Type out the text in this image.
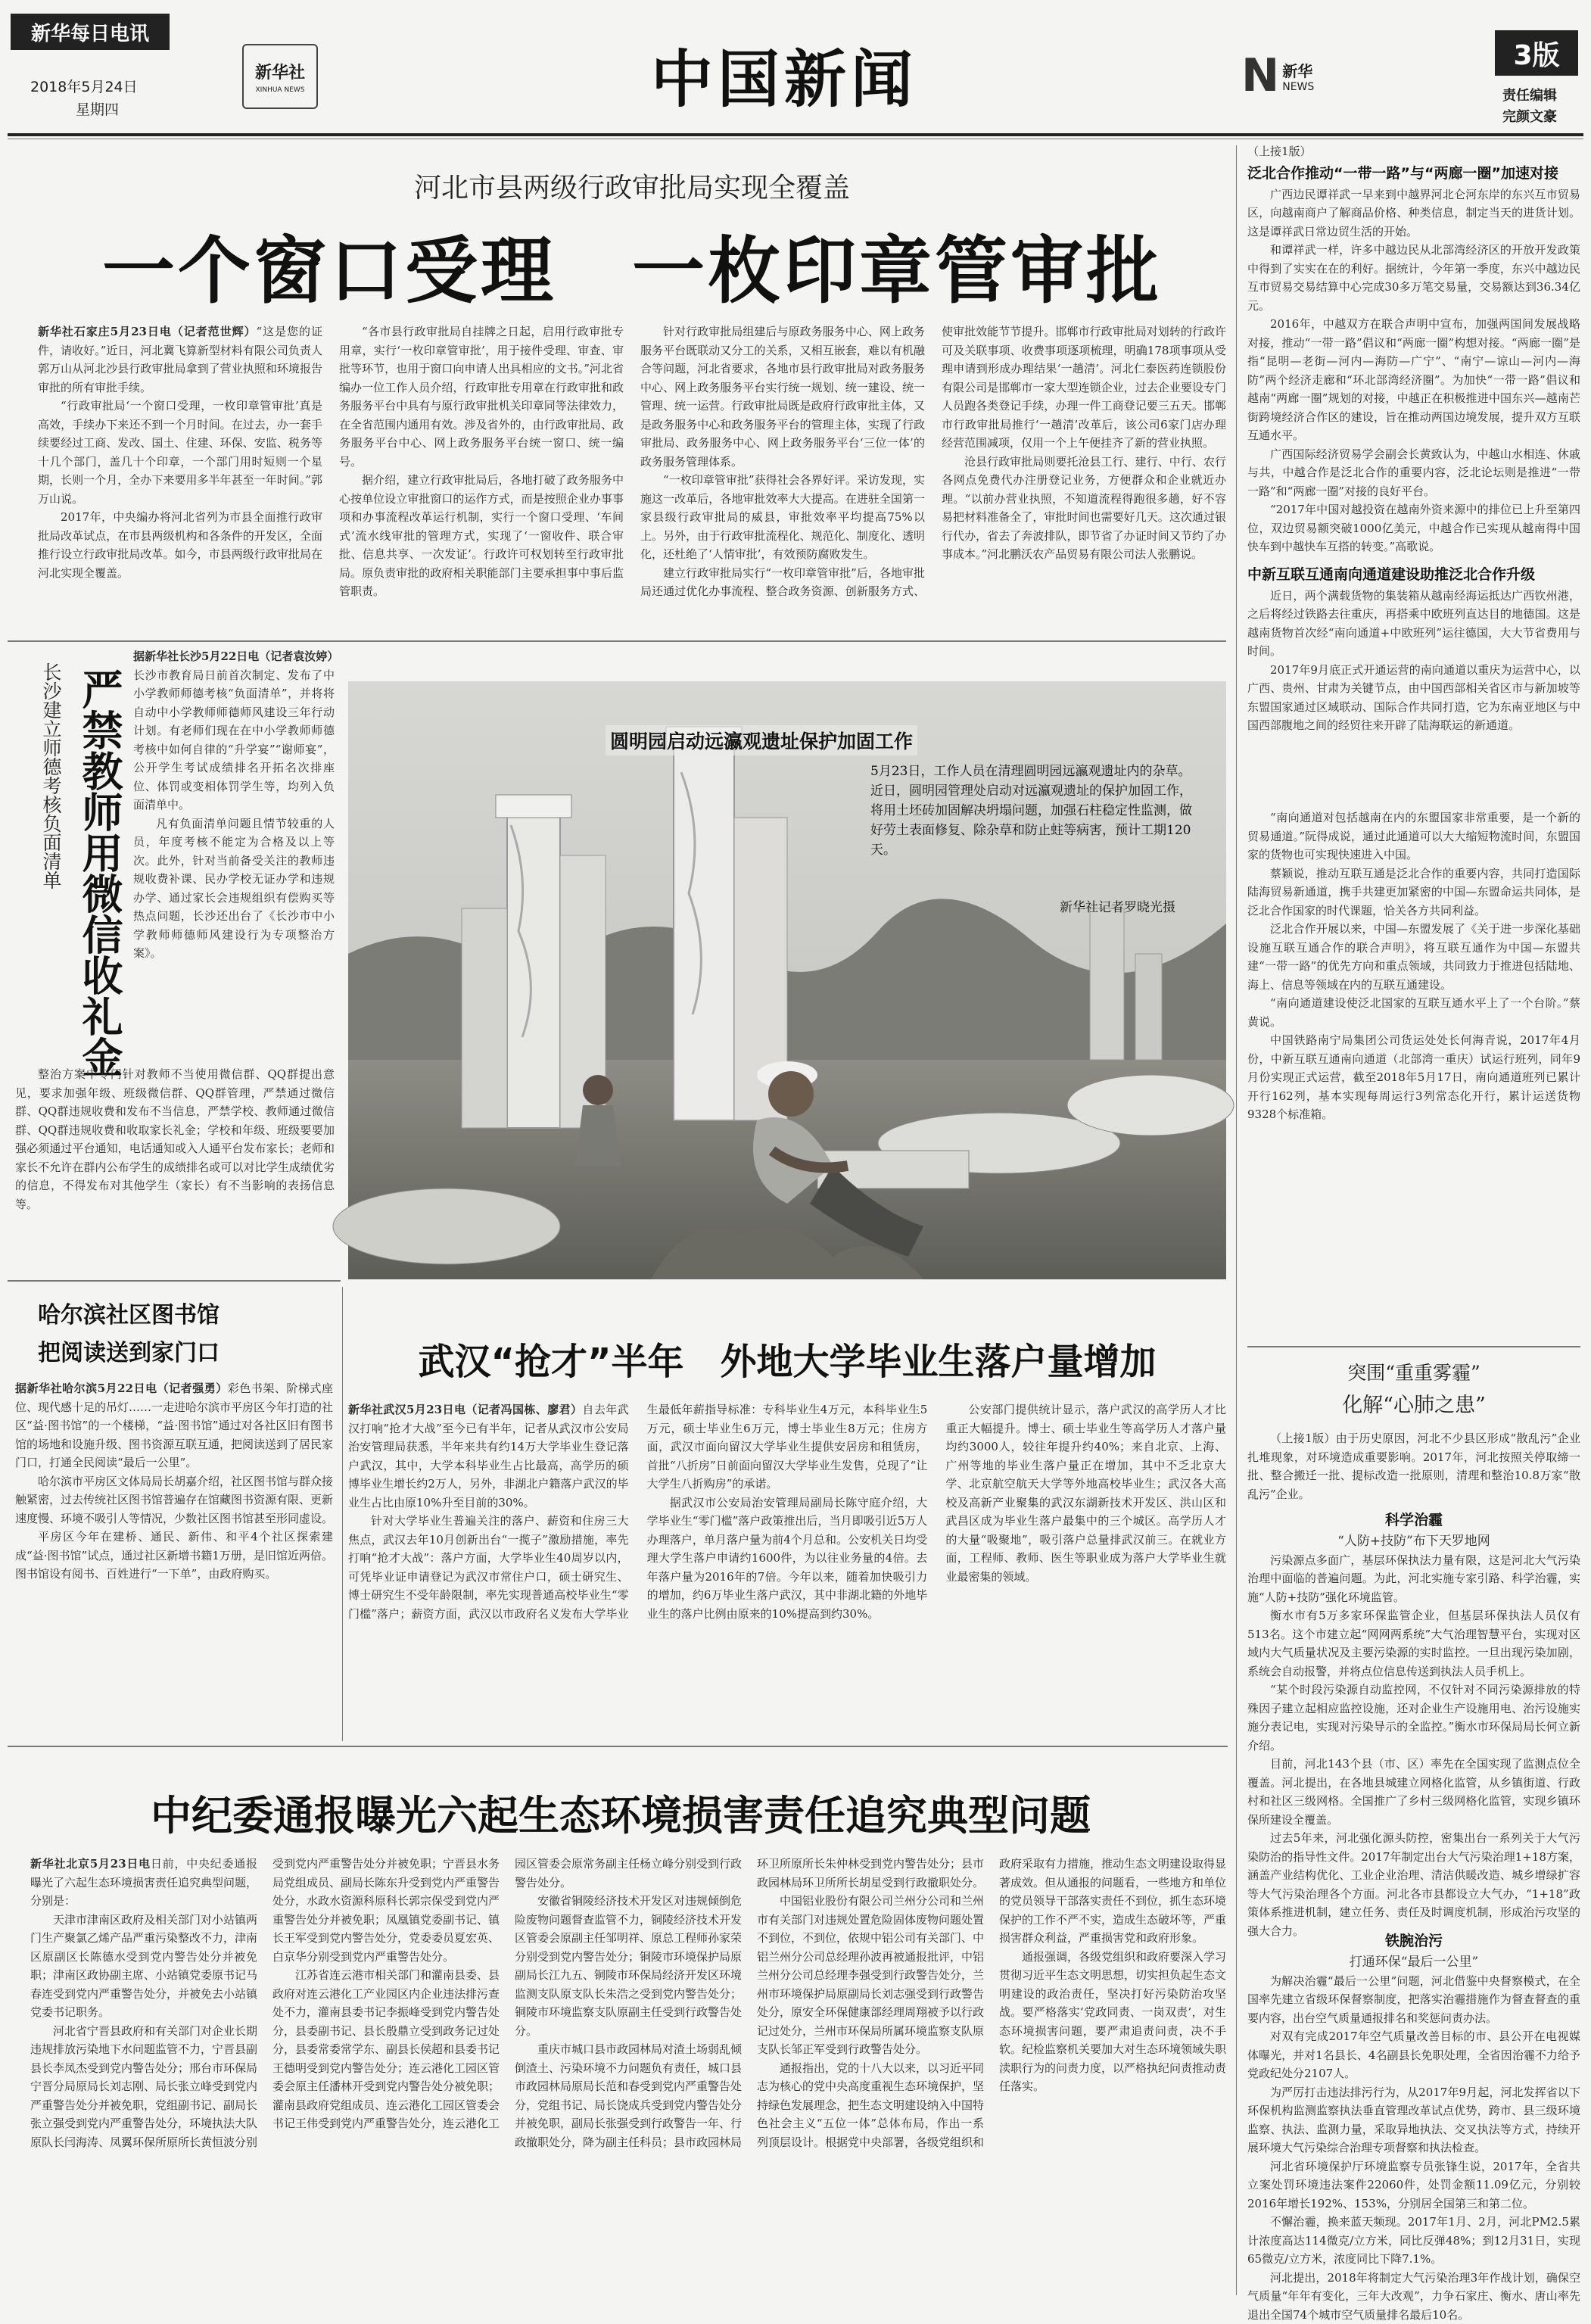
新华每日电讯
2018年5月24日
星期四
新华社
XINHUA NEWS	中国新闻	N 新华
NEWS
3版
责任编辑
完颜文豪
河北市县两级行政审批局实现全覆盖
一个窗口受理　一枚印章管审批

新华社石家庄5月23日电（记者范世辉）“这是您的证件，请收好。”近日，河北冀飞算新型材料有限公司负责人郭万山从河北沙县行政审批局拿到了营业执照和环境报告审批的所有审批手续。

“行政审批局‘一个窗口受理，一枚印章管审批’真是高效，手续办下来还不到一个月时间。在过去，办一套手续要经过工商、发改、国土、住建、环保、安监、税务等十几个部门，盖几十个印章，一个部门用时短则一个星期，长则一个月，全办下来要用多半年甚至一年时间。”郭万山说。

2017年，中央编办将河北省列为市县全面推行政审批局改革试点，在市县两级机构和各条件的开发区，全面推行设立行政审批局改革。如今，市县两级行政审批局在河北实现全覆盖。

“各市县行政审批局自挂牌之日起，启用行政审批专用章，实行‘一枚印章管审批’，用于接件受理、审查、审批等环节，也用于窗口向申请人出具相应的文书。”河北省编办一位工作人员介绍，行政审批专用章在行政审批和政务服务平台中具有与原行政审批机关印章同等法律效力，在全省范围内通用有效。涉及省外的，由行政审批局、政务服务平台中心、网上政务服务平台统一窗口、统一编号。

据介绍，建立行政审批局后，各地打破了政务服务中心按单位设立审批窗口的运作方式，而是按照企业办事事项和办事流程改革运行机制，实行一个窗口受理、‘车间式’流水线审批的管理方式，实现了‘一窗收件、联合审批、信息共享、一次发证’。行政许可权划转至行政审批局。原负责审批的政府相关职能部门主要承担事中事后监管职责。

针对行政审批局组建后与原政务服务中心、网上政务服务平台既联动又分工的关系，又相互嵌套，难以有机融合等问题，河北省要求，各地市县行政审批局对政务服务中心、网上政务服务平台实行统一规划、统一建设、统一管理、统一运营。行政审批局既是政府行政审批主体，又是政务服务中心和政务服务平台的管理主体，实现了行政审批局、政务服务中心、网上政务服务平台‘三位一体’的政务服务管理体系。

“一枚印章管审批”获得社会各界好评。采访发现，实施这一改革后，各地审批效率大大提高。在进驻全国第一家县级行政审批局的威县，审批效率平均提高75%以上。另外，由于行政审批流程化、规范化、制度化、透明化，还杜绝了‘人情审批’，有效预防腐败发生。

建立行政审批局实行“一枚印章管审批”后，各地审批局还通过优化办事流程、整合政务资源、创新服务方式、使审批效能节节提升。邯郸市行政审批局对划转的行政许可及关联事项、收费事项逐项梳理，明确178项事项从受理申请到形成办理结果‘一趟清’。河北仁泰医药连锁股份有限公司是邯郸市一家大型连锁企业，过去企业要设专门人员跑各类登记手续，办理一件工商登记要三五天。邯郸市行政审批局推行‘一趟清’改革后，该公司6家门店办理经营范围减项，仅用一个上午便挂齐了新的营业执照。

沧县行政审批局则要托沧县工行、建行、中行、农行各网点免费代办注册登记业务，方便群众和企业就近办理。“以前办营业执照，不知道流程得跑很多趟，好不容易把材料准备全了，审批时间也需要好几天。这次通过银行代办，省去了奔波排队，即节省了办证时间又节约了办事成本。”河北鹏沃农产品贸易有限公司法人张鹏说。

长沙建立师德考核负面清单 严禁教师用微信收礼金

据新华社长沙5月22日电（记者袁汝婷）长沙市教育局日前首次制定、发布了中小学教师师德考核“负面清单”，并将将自动中小学教师师德师风建设三年行动计划。有老师们现在在中小学教师师德考核中如何自律的“升学宴”“谢师宴”，公开学生考试成绩排名开拓名次排座位、体罚或变相体罚学生等，均列入负面清单中。

凡有负面清单问题且情节较重的人员，年度考核不能定为合格及以上等次。此外，针对当前备受关注的教师违规收费补课、民办学校无证办学和违规办学、通过家长会违规组织有偿购买等热点问题，长沙还出台了《长沙市中小学教师师德师风建设行为专项整治方案》。

整治方案中专门针对教师不当使用微信群、QQ群提出意见，要求加强年级、班级微信群、QQ群管理，严禁通过微信群、QQ群违规收费和发布不当信息，严禁学校、教师通过微信群、QQ群违规收费和收取家长礼金；学校和年级、班级要要加强必须通过平台通知，电话通知或入人通平台发布家长；老师和家长不允许在群内公布学生的成绩排名或可以对比学生成绩优劣的信息，不得发布对其他学生（家长）有不当影响的表扬信息等。

圆明园启动远瀛观遗址保护加固工作
5月23日，工作人员在清理圆明园远瀛观遗址内的杂草。近日，圆明园管理处启动对远瀛观遗址的保护加固工作，将用土坯砖加固解决坍塌问题，加强石柱稳定性监测，做好劳土表面修复、除杂草和防止蛀等病害，预计工期120天。
新华社记者罗晓光摄
哈尔滨社区图书馆
把阅读送到家门口

据新华社哈尔滨5月22日电（记者强勇）彩色书架、阶梯式座位、现代感十足的吊灯……一走进哈尔滨市平房区今年打造的社区“益·图书馆”的一个楼梯，“益·图书馆”通过对各社区旧有图书馆的场地和设施升级、图书资源互联互通，把阅读送到了居民家门口，打通全民阅读“最后一公里”。

哈尔滨市平房区文体局局长胡嘉介绍，社区图书馆与群众接触紧密，过去传统社区图书馆普遍存在馆藏图书资源有限、更新速度慢、环境不吸引人等情况，少数社区图书馆甚至形同虚设。

平房区今年在建桥、通民、新伟、和平4个社区探索建成“益·图书馆”试点，通过社区新增书籍1万册，是旧馆近两倍。图书馆设有阅书、百姓进行“一下单”，由政府购买。

武汉“抢才”半年　外地大学毕业生落户量增加

新华社武汉5月23日电（记者冯国栋、廖君）自去年武汉打响“抢才大战”至今已有半年，记者从武汉市公安局治安管理局获悉，半年来共有约14万大学毕业生登记落户武汉，其中，大学本科毕业生占比最高，高学历的硕博毕业生增长约2万人，另外，非湖北户籍落户武汉的毕业生占比由原10%升至目前的30%。

针对大学毕业生普遍关注的落户、薪资和住房三大焦点，武汉去年10月创新出台“一揽子”激励措施，率先打响“抢才大战”：落户方面，大学毕业生40周岁以内，可凭毕业证申请登记为武汉市常住户口，硕士研究生、博士研究生不受年龄限制，率先实现普通高校毕业生“零门槛”落户；薪资方面，武汉以市政府名义发布大学毕业生最低年薪指导标准：专科毕业生4万元，本科毕业生5万元，硕士毕业生6万元，博士毕业生8万元；住房方面，武汉市面向留汉大学毕业生提供安居房和租赁房，首批“八折房”日前面向留汉大学毕业生发售，兑现了“让大学生八折购房”的承诺。

据武汉市公安局治安管理局副局长陈守庭介绍，大学毕业生“零门槛”落户政策推出后，当月即吸引近5万人办理落户，单月落户量为前4个月总和。公安机关日均受理大学生落户申请约1600件，为以往业务量的4倍。去年落户量为2016年的7倍。今年以来，随着加快吸引力的增加，约6万毕业生落户武汉，其中非湖北籍的外地毕业生的落户比例由原来的10%提高到约30%。

公安部门提供统计显示，落户武汉的高学历人才比重正大幅提升。博士、硕士毕业生等高学历人才落户量均约3000人，较往年提升约40%；来自北京、上海、广州等地的毕业生落户量正在增加，其中不乏北京大学、北京航空航天大学等外地高校毕业生；武汉各大高校及高新产业聚集的武汉东湖新技术开发区、洪山区和武昌区成为毕业生落户最集中的三个城区。高学历人才的大量“吸聚地”，吸引落户总量排武汉前三。在就业方面，工程师、教师、医生等职业成为落户大学毕业生就业最密集的领域。

中纪委通报曝光六起生态环境损害责任追究典型问题

新华社北京5月23日电日前，中央纪委通报曝光了六起生态环境损害责任追究典型问题，分别是：

天津市津南区政府及相关部门对小站镇两门生产聚氯乙烯产品严重污染整改不力，津南区原副区长陈德水受到党内警告处分并被免职；津南区政协副主席、小站镇党委原书记马春连受到党内严重警告处分，并被免去小站镇党委书记职务。

河北省宁晋县政府和有关部门对企业长期违规排放污染地下水问题监管不力，宁晋县副县长李凤杰受到党内警告处分；邢台市环保局宁晋分局原局长刘志刚、局长张立峰受到党内严重警告处分并被免职，党组副书记、副局长张立强受到党内严重警告处分，环境执法大队原队长闫海涛、凤翼环保所原所长黄恒波分别受到党内严重警告处分并被免职；宁晋县水务局党组成员、副局长陈东升受到党内严重警告处分，水政水资源科原科长郭宗保受到党内严重警告处分并被免职；凤凰镇党委副书记、镇长王军受到党内警告处分，党委委员夏宏英、白京华分别受到党内严重警告处分。

江苏省连云港市相关部门和灌南县委、县政府对连云港化工产业园区内企业违法排污查处不力，灌南县委书记李振峰受到党内警告处分，县委副书记、县长殷鼎立受到政务记过处分，县委常委常学东、副县长侯超和县委书记王德明受到党内警告处分；连云港化工园区管委会原主任潘林开受到党内警告处分被免职；灌南县政府党组成员、连云港化工园区管委会书记王伟受到党内严重警告处分，连云港化工园区管委会原常务副主任杨立峰分别受到行政警告处分。

安徽省铜陵经济技术开发区对违规倾倒危险废物问题督查监管不力，铜陵经济技术开发区管委会原副主任邹明祥、原总工程师孙家荣分别受到党内警告处分；铜陵市环境保护局原副局长江九五、铜陵市环保局经济开发区环境监测支队原支队长朱浩之受到党内警告处分；铜陵市环境监察支队原副主任受到行政警告处分。

重庆市城口县市政园林局对渣土场弱乱倾倒渣土、污染环境不力问题负有责任，城口县市政园林局原局长范和春受到党内严重警告处分，党组书记、局长饶成兵受到党内警告处分并被免职，副局长张强受到行政警告一年、行政撤职处分，降为副主任科员；县市政园林局环卫所原所长朱仲林受到党内警告处分；县市政园林局环卫所所长胡星受到行政撤职处分。

中国铝业股份有限公司兰州分公司和兰州市有关部门对违规处置危险固体废物问题处置不到位，不到位，依规中铝公司有关部门、中铝兰州分公司总经理孙波再被通报批评，中铝兰州分公司总经理李强受到行政警告处分，兰州市环境保护局原副局长刘志强受到行政警告处分，原安全环保健康部经理周翔被予以行政记过处分，兰州市环保局所属环境监察支队原支队长邹正军受到行政警告处分。

通报指出，党的十八大以来，以习近平同志为核心的党中央高度重视生态环境保护，坚持绿色发展理念，把生态文明建设纳入中国特色社会主义“五位一体”总体布局，作出一系列顶层设计。根据党中央部署，各级党组织和政府采取有力措施，推动生态文明建设取得显著成效。但从通报的问题看，一些地方和单位的党员领导干部落实责任不到位，抓生态环境保护的工作不严不实，造成生态破坏等，严重损害群众利益，严重损害党和政府形象。

通报强调，各级党组织和政府要深入学习贯彻习近平生态文明思想，切实担负起生态文明建设的政治责任，坚决打好污染防治攻坚战。要严格落实‘党政同责、一岗双责’，对生态环境损害问题，要严肃追责问责，决不手软。纪检监察机关要加大对生态环境领域失职渎职行为的问责力度，以严格执纪问责推动责任落实。

（上接1版）

泛北合作推动“一带一路”与“两廊一圈”加速对接

广西边民谭祥武一早来到中越界河北仑河东岸的东兴互市贸易区，向越南商户了解商品价格、种类信息，制定当天的进货计划。这是谭祥武日常边贸生活的开始。

和谭祥武一样，许多中越边民从北部湾经济区的开放开发政策中得到了实实在在的利好。据统计，今年第一季度，东兴中越边民互市贸易交易结算中心完成30多万笔交易量，交易额达到36.34亿元。

2016年，中越双方在联合声明中宣布，加强两国间发展战略对接，推动“一带一路”倡议和“两廊一圈”构想对接。“两廊一圈”是指“昆明—老街—河内—海防—广宁”、“南宁—谅山—河内—海防”两个经济走廊和“环北部湾经济圈”。为加快“一带一路”倡议和越南“两廊一圈”规划的对接，中越正在积极推进中国东兴—越南芒街跨境经济合作区的建设，旨在推动两国边境发展，提升双方互联互通水平。

广西国际经济贸易学会副会长黄致认为，中越山水相连、休戚与共，中越合作是泛北合作的重要内容，泛北论坛则是推进“一带一路”和“两廊一圈”对接的良好平台。

“2017年中国对越投资在越南外资来源中的排位已上升至第四位，双边贸易额突破1000亿美元，中越合作已实现从越南得中国快车到中越快车互搭的转变。”高歌说。

中新互联互通南向通道建设助推泛北合作升级

近日，两个满载货物的集装箱从越南经海运抵达广西钦州港，之后将经过铁路去往重庆，再搭乘中欧班列直达目的地德国。这是越南货物首次经“南向通道+中欧班列”运往德国，大大节省费用与时间。

2017年9月底正式开通运营的南向通道以重庆为运营中心，以广西、贵州、甘肃为关键节点，由中国西部相关省区市与新加坡等东盟国家通过区域联动、国际合作共同打造，它为东南亚地区与中国西部腹地之间的经贸往来开辟了陆海联运的新通道。

“南向通道对包括越南在内的东盟国家非常重要，是一个新的贸易通道。”阮得成说，通过此通道可以大大缩短物流时间，东盟国家的货物也可实现快速进入中国。

蔡颖说，推动互联互通是泛北合作的重要内容，共同打造国际陆海贸易新通道，携手共建更加紧密的中国—东盟命运共同体，是泛北合作国家的时代课题，恰关各方共同利益。

泛北合作开展以来，中国—东盟发展了《关于进一步深化基础设施互联互通合作的联合声明》，将互联互通作为中国—东盟共建“一带一路”的优先方向和重点领域，共同致力于推进包括陆地、海上、信息等领域在内的互联互通建设。

“南向通道建设使泛北国家的互联互通水平上了一个台阶。”蔡黄说。

中国铁路南宁局集团公司货运处处长何海青说，2017年4月份，中新互联互通南向通道（北部湾一重庆）试运行班列，同年9月份实现正式运营，截至2018年5月17日，南向通道班列已累计开行162列，基本实现每周运行3列常态化开行，累计运送货物9328个标准箱。

突围“重重雾霾”
化解“心肺之患”

（上接1版）由于历史原因，河北不少县区形成“散乱污”企业扎堆现象，对环境造成重要影响。2017年，河北按照关停取缔一批、整合搬迁一批、提标改造一批原则，清理和整治10.8万家“散乱污”企业。

科学治霾

“人防+技防”布下天罗地网

污染源点多面广，基层环保执法力量有限，这是河北大气污染治理中面临的普遍问题。为此，河北实施专家引路、科学治霾，实施“人防+技防”强化环境监管。

衡水市有5万多家环保监管企业，但基层环保执法人员仅有513名。这个市建立起“网网两系统”大气治理智慧平台，实现对区域内大气质量状况及主要污染源的实时监控。一旦出现污染加剧，系统会自动报警，并将点位信息传送到执法人员手机上。

“某个时段污染源自动监控网，不仅针对不同污染源排放的特殊因子建立起相应监控设施，还对企业生产设施用电、治污设施实施分表记电，实现对污染导示的全监控。”衡水市环保局局长何立新介绍。

目前，河北143个县（市、区）率先在全国实现了监测点位全覆盖。河北提出，在各地县城建立网格化监管，从乡镇街道、行政村和社区三级网格。全国推广了乡村三级网格化监管，实现乡镇环保所建设全覆盖。

过去5年来，河北强化源头防控，密集出台一系列关于大气污染防治的指导性文件。2017年制定出台大气污染治理1+18方案，涵盖产业结构优化、工业企业治理、清洁供暖改造、城乡增绿扩容等大气污染治理各个方面。河北各市县都设立大气办，“1+18”政策体系推进机制，建立任务、责任及时调度机制，形成治污攻坚的强大合力。

铁腕治污

打通环保“最后一公里”

为解决治霾“最后一公里”问题，河北借鉴中央督察模式，在全国率先建立省级环保督察制度，把落实治霾措施作为督查督查的重要内容，出台空气质量通报排名和奖惩问责办法。

对双有完成2017年空气质量改善目标的市、县公开在电视媒体曝光，并对1名县长、4名副县长免职处理，全省因治霾不力给予党政纪处分2107人。

为严厉打击违法排污行为，从2017年9月起，河北发挥省以下环保机构监测监察执法垂直管理改革试点优势，跨市、县三级环境监察、执法、监测力量，采取异地执法、交叉执法等方式，持续开展环境大气污染综合治理专项督察和执法检查。

河北省环境保护厅环境监察专员张锋生说，2017年，全省共立案处罚环境违法案件22060件，处罚金额11.09亿元，分别较2016年增长192%、153%，分别居全国第三和第二位。

不懈治霾，换来蓝天频现。2017年1月、2月，河北PM2.5累计浓度高达114微克/立方米，同比反弹48%；到12月31日，实现65微克/立方米，浓度同比下降7.1%。

河北提出，2018年将制定大气污染治理3年作战计划，确保空气质量“年年有变化，三年大改观”，力争石家庄、衡水、唐山率先退出全国74个城市空气质量排名最后10名。
